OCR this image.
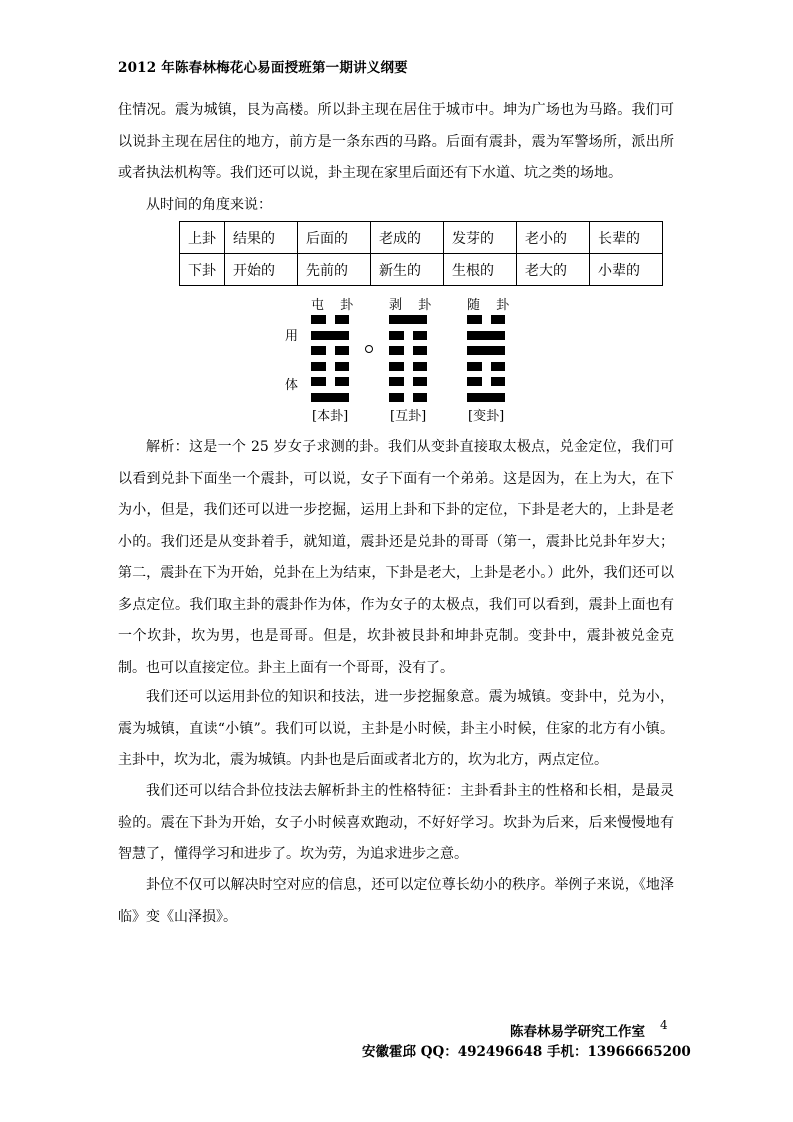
2012 年陈春林梅花心易面授班第一期讲义纲要

住情况。震为城镇，艮为高楼。所以卦主现在居住于城市中。坤为广场也为马路。我们可以说卦主现在居住的地方，前方是一条东西的马路。后面有震卦，震为军警场所，派出所或者执法机构等。我们还可以说，卦主现在家里后面还有下水道、坑之类的场地。

从时间的角度来说：

上卦	结果的	后面的	老成的	发芽的	老小的	长辈的
下卦	开始的	先前的	新生的	生根的	老大的	小辈的
用
体
屯 卦 剥 卦 随 卦
[本卦]	[互卦]	[变卦]

解析：这是一个 25 岁女子求测的卦。我们从变卦直接取太极点，兑金定位，我们可以看到兑卦下面坐一个震卦，可以说，女子下面有一个弟弟。这是因为，在上为大，在下为小，但是，我们还可以进一步挖掘，运用上卦和下卦的定位，下卦是老大的，上卦是老小的。我们还是从变卦着手，就知道，震卦还是兑卦的哥哥（第一，震卦比兑卦年岁大；第二，震卦在下为开始，兑卦在上为结束，下卦是老大，上卦是老小。）此外，我们还可以多点定位。我们取主卦的震卦作为体，作为女子的太极点，我们可以看到，震卦上面也有一个坎卦，坎为男，也是哥哥。但是，坎卦被艮卦和坤卦克制。变卦中，震卦被兑金克制。也可以直接定位。卦主上面有一个哥哥，没有了。

我们还可以运用卦位的知识和技法，进一步挖掘象意。震为城镇。变卦中，兑为小，震为城镇，直读“小镇”。我们可以说，主卦是小时候，卦主小时候，住家的北方有小镇。主卦中，坎为北，震为城镇。内卦也是后面或者北方的，坎为北方，两点定位。

我们还可以结合卦位技法去解析卦主的性格特征：主卦看卦主的性格和长相，是最灵验的。震在下卦为开始，女子小时候喜欢跑动，不好好学习。坎卦为后来，后来慢慢地有智慧了，懂得学习和进步了。坎为劳，为追求进步之意。

卦位不仅可以解决时空对应的信息，还可以定位尊长幼小的秩序。举例子来说，《地泽临》变《山泽损》。

陈春林易学研究工作室 4
安徽霍邱 QQ：492496648 手机：13966665200
